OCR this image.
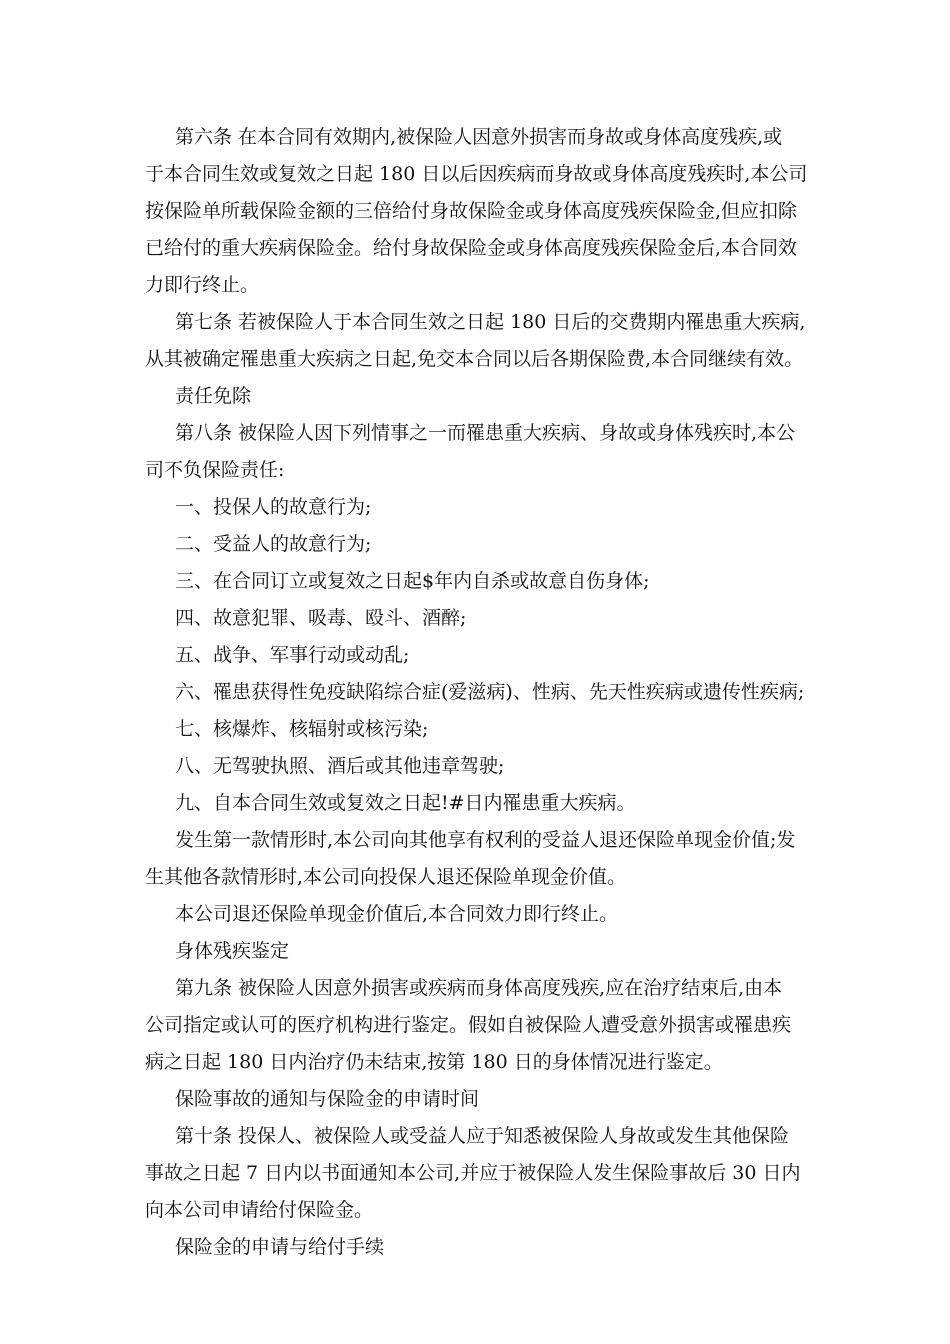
第六条 在本合同有效期内,被保险人因意外损害而身故或身体高度残疾,或
于本合同生效或复效之日起 180 日以后因疾病而身故或身体高度残疾时,本公司
按保险单所载保险金额的三倍给付身故保险金或身体高度残疾保险金,但应扣除
已给付的重大疾病保险金。给付身故保险金或身体高度残疾保险金后,本合同效
力即行终止。
第七条 若被保险人于本合同生效之日起 180 日后的交费期内罹患重大疾病,
从其被确定罹患重大疾病之日起,免交本合同以后各期保险费,本合同继续有效。
责任免除
第八条 被保险人因下列情事之一而罹患重大疾病、身故或身体残疾时,本公
司不负保险责任:
一、投保人的故意行为;
二、受益人的故意行为;
三、在合同订立或复效之日起$年内自杀或故意自伤身体;
四、故意犯罪、吸毒、殴斗、酒醉;
五、战争、军事行动或动乱;
六、罹患获得性免疫缺陷综合症(爱滋病)、性病、先天性疾病或遗传性疾病;
七、核爆炸、核辐射或核污染;
八、无驾驶执照、酒后或其他违章驾驶;
九、自本合同生效或复效之日起!#日内罹患重大疾病。
发生第一款情形时,本公司向其他享有权利的受益人退还保险单现金价值;发
生其他各款情形时,本公司向投保人退还保险单现金价值。
本公司退还保险单现金价值后,本合同效力即行终止。
身体残疾鉴定
第九条 被保险人因意外损害或疾病而身体高度残疾,应在治疗结束后,由本
公司指定或认可的医疗机构进行鉴定。假如自被保险人遭受意外损害或罹患疾
病之日起 180 日内治疗仍未结束,按第 180 日的身体情况进行鉴定。
保险事故的通知与保险金的申请时间
第十条 投保人、被保险人或受益人应于知悉被保险人身故或发生其他保险
事故之日起 7 日内以书面通知本公司,并应于被保险人发生保险事故后 30 日内
向本公司申请给付保险金。
保险金的申请与给付手续
